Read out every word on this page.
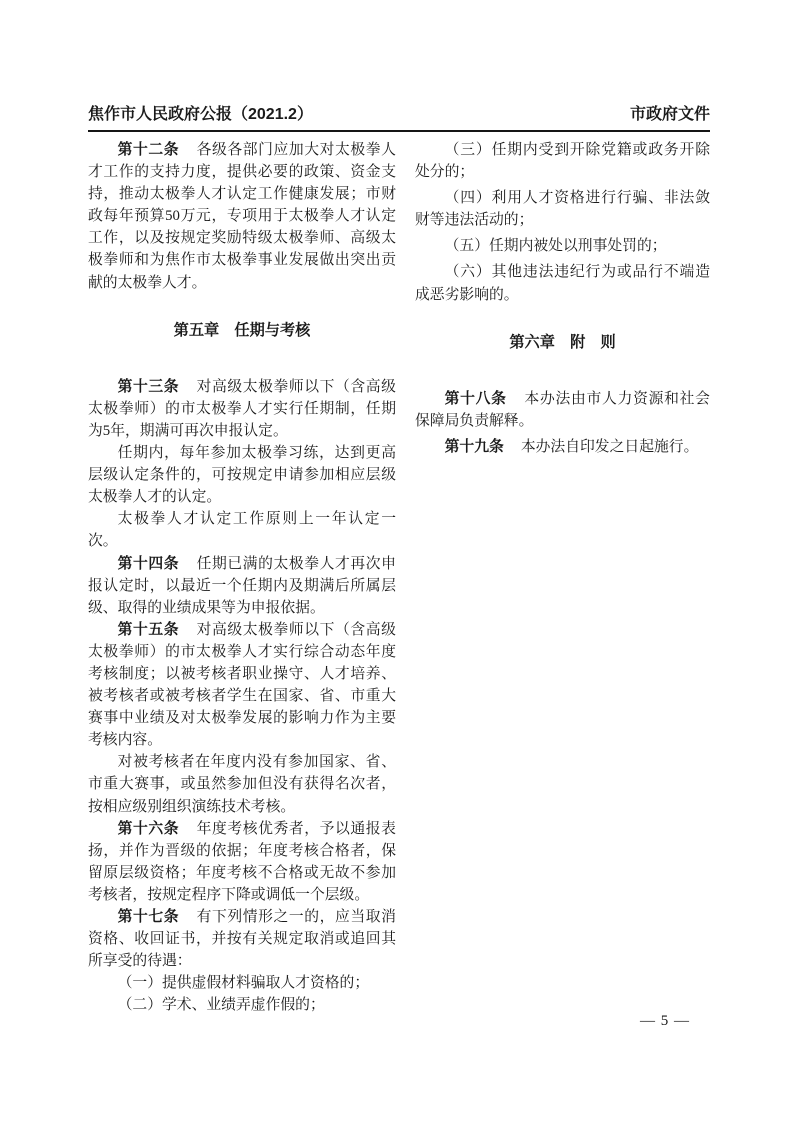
焦作市人民政府公报（2021.2）	市政府文件

第十二条　各级各部门应加大对太极拳人才工作的支持力度，提供必要的政策、资金支持，推动太极拳人才认定工作健康发展；市财政每年预算50万元，专项用于太极拳人才认定工作，以及按规定奖励特级太极拳师、高级太极拳师和为焦作市太极拳事业发展做出突出贡献的太极拳人才。

第五章　任期与考核

第十三条　对高级太极拳师以下（含高级太极拳师）的市太极拳人才实行任期制，任期为5年，期满可再次申报认定。

任期内，每年参加太极拳习练，达到更高层级认定条件的，可按规定申请参加相应层级太极拳人才的认定。

太极拳人才认定工作原则上一年认定一次。

第十四条　任期已满的太极拳人才再次申报认定时，以最近一个任期内及期满后所属层级、取得的业绩成果等为申报依据。

第十五条　对高级太极拳师以下（含高级太极拳师）的市太极拳人才实行综合动态年度考核制度；以被考核者职业操守、人才培养、被考核者或被考核者学生在国家、省、市重大赛事中业绩及对太极拳发展的影响力作为主要考核内容。

对被考核者在年度内没有参加国家、省、市重大赛事，或虽然参加但没有获得名次者，按相应级别组织演练技术考核。

第十六条　年度考核优秀者，予以通报表扬，并作为晋级的依据；年度考核合格者，保留原层级资格；年度考核不合格或无故不参加考核者，按规定程序下降或调低一个层级。

第十七条　有下列情形之一的，应当取消资格、收回证书，并按有关规定取消或追回其所享受的待遇：

（一）提供虚假材料骗取人才资格的；

（二）学术、业绩弄虚作假的；

（三）任期内受到开除党籍或政务开除处分的；

（四）利用人才资格进行行骗、非法敛财等违法活动的；

（五）任期内被处以刑事处罚的；

（六）其他违法违纪行为或品行不端造成恶劣影响的。

第六章　附　则

第十八条　本办法由市人力资源和社会保障局负责解释。

第十九条　本办法自印发之日起施行。

— 5 —
